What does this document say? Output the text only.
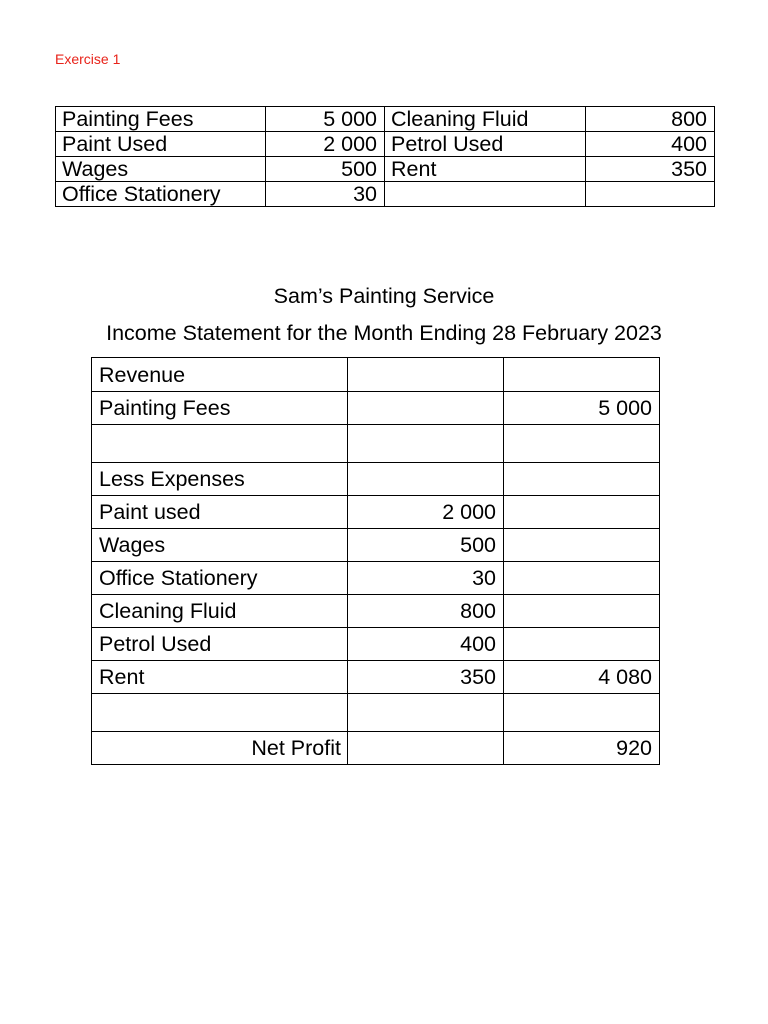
Exercise 1

Painting Fees	5 000	Cleaning Fluid	800
Paint Used	2 000	Petrol Used	400
Wages	500	Rent	350
Office Stationery	30		

Sam’s Painting Service

Income Statement for the Month Ending 28 February 2023

Revenue		
Painting Fees		5 000

Less Expenses		
Paint used	2 000	
Wages	500	
Office Stationery	30	
Cleaning Fluid	800	
Petrol Used	400	
Rent	350	4 080

Net Profit		920
